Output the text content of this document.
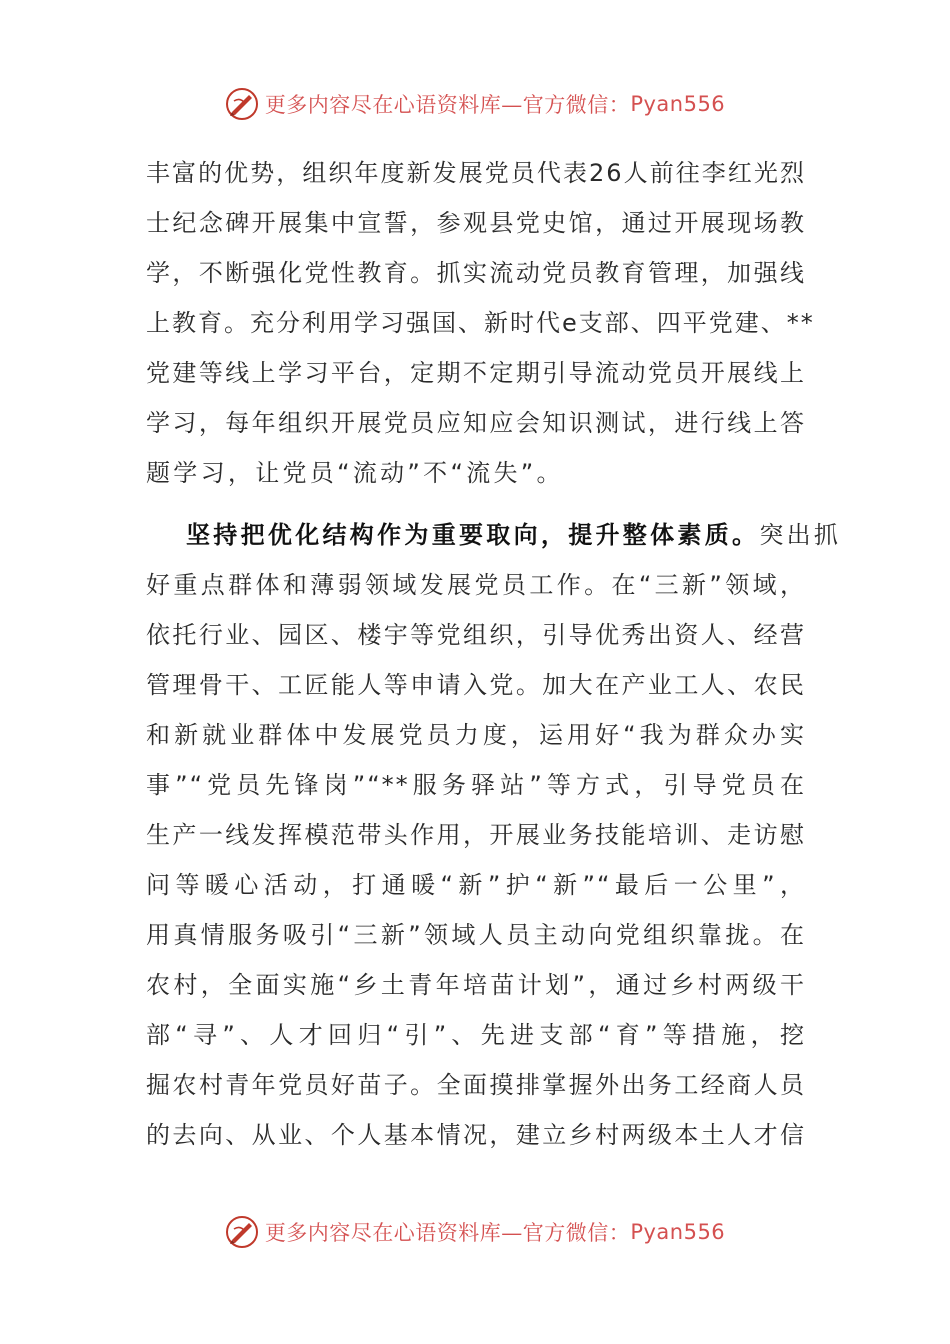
更多内容尽在心语资料库—官方微信： Pyan556
丰富的优势，组织年度新发展党员代表26人前往李红光烈
士纪念碑开展集中宣誓，参观县党史馆，通过开展现场教
学，不断强化党性教育。抓实流动党员教育管理，加强线
上教育。充分利用学习强国、新时代e支部、四平党建、**
党建等线上学习平台，定期不定期引导流动党员开展线上
学习，每年组织开展党员应知应会知识测试，进行线上答
题学习，让党员“流动”不“流失”。
坚持把优化结构作为重要取向，提升整体素质。突出抓
好重点群体和薄弱领域发展党员工作。在“三新”领域，
依托行业、园区、楼宇等党组织，引导优秀出资人、经营
管理骨干、工匠能人等申请入党。加大在产业工人、农民
和新就业群体中发展党员力度，运用好“我为群众办实
事”“党员先锋岗”“**服务驿站”等方式，引导党员在
生产一线发挥模范带头作用，开展业务技能培训、走访慰
问等暖心活动，打通暖“新”护“新”“最后一公里”，
用真情服务吸引“三新”领域人员主动向党组织靠拢。在
农村，全面实施“乡土青年培苗计划”，通过乡村两级干
部“寻”、人才回归“引”、先进支部“育”等措施，挖
掘农村青年党员好苗子。全面摸排掌握外出务工经商人员
的去向、从业、个人基本情况，建立乡村两级本土人才信
更多内容尽在心语资料库—官方微信： Pyan556
